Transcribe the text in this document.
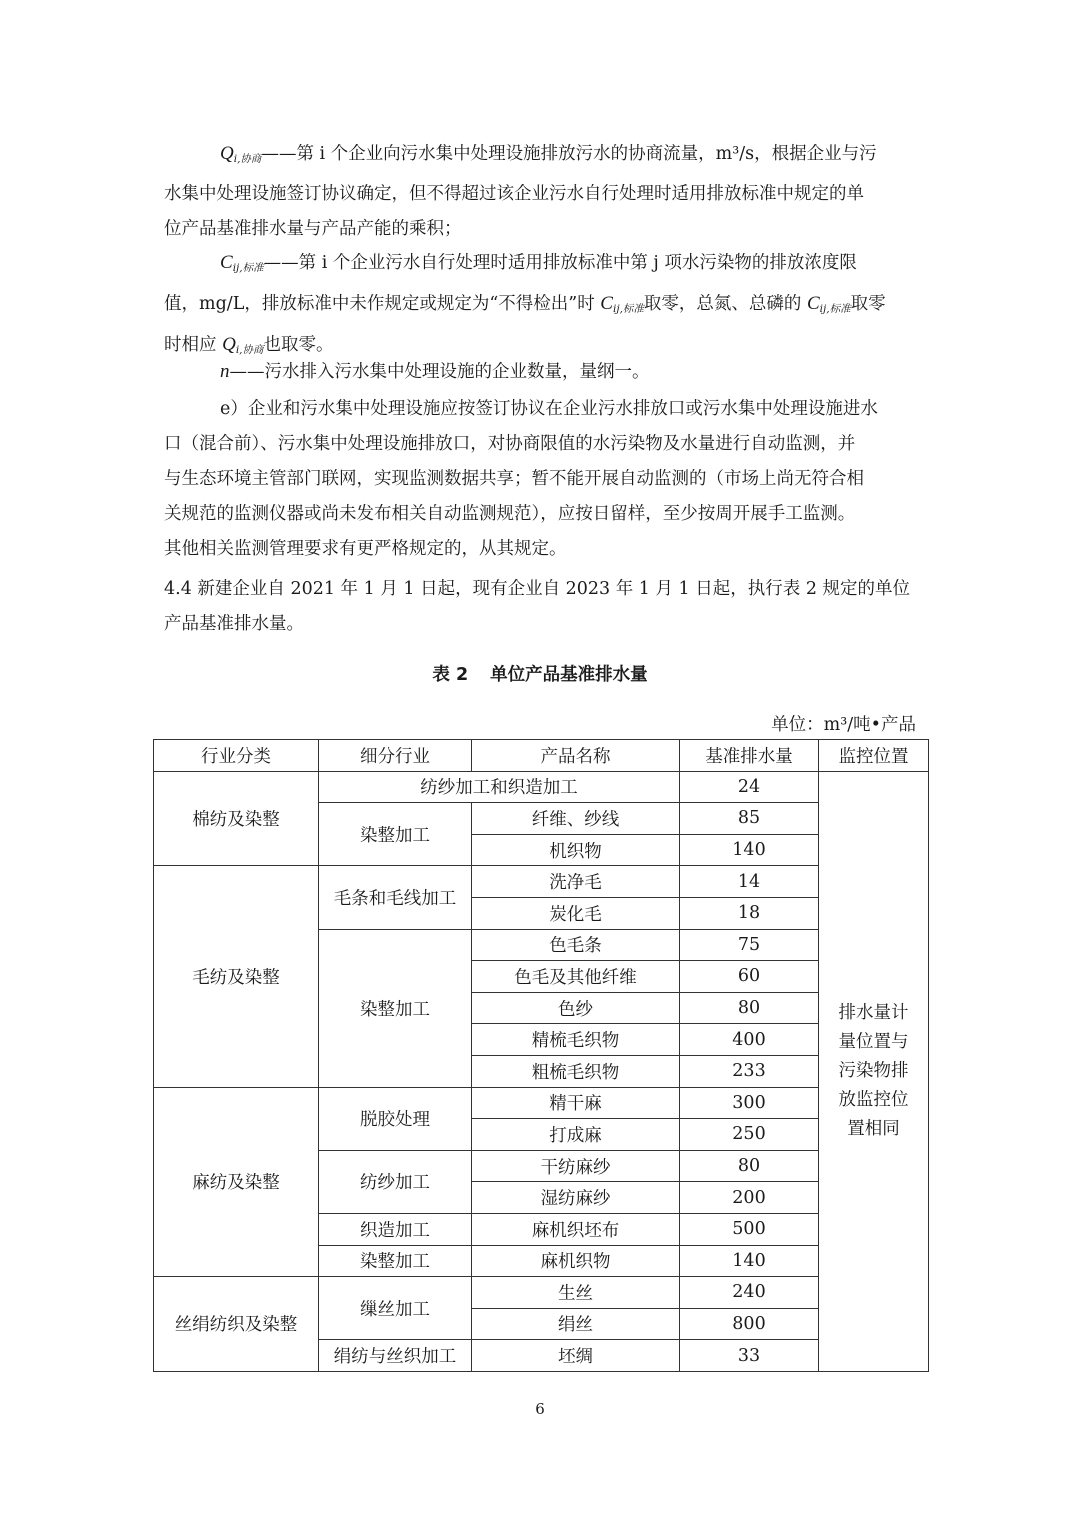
$Q_{i,协商}——$第 i 个企业向污水集中处理设施排放污水的协商流量，m³/s，根据企业与污
水集中处理设施签订协议确定，但不得超过该企业污水自行处理时适用排放标准中规定的单
位产品基准排水量与产品产能的乘积；
$C_{ij,标准}——$第 i 个企业污水自行处理时适用排放标准中第 j 项水污染物的排放浓度限
值，mg/L，排放标准中未作规定或规定为“不得检出”时 $C_{ij,标准}$取零，总氮、总磷的 $C_{ij,标准}$取零
时相应 $Q_{i,协商}$也取零。
n——污水排入污水集中处理设施的企业数量，量纲一。
e）企业和污水集中处理设施应按签订协议在企业污水排放口或污水集中处理设施进水
口（混合前）、污水集中处理设施排放口，对协商限值的水污染物及水量进行自动监测，并
与生态环境主管部门联网，实现监测数据共享；暂不能开展自动监测的（市场上尚无符合相
关规范的监测仪器或尚未发布相关自动监测规范），应按日留样，至少按周开展手工监测。
其他相关监测管理要求有更严格规定的，从其规定。
4.4 新建企业自 2021 年 1 月 1 日起，现有企业自 2023 年 1 月 1 日起，执行表 2 规定的单位
产品基准排水量。
表 2 单位产品基准排水量
单位：m³/吨•产品
行业分类	细分行业	产品名称	基准排水量	监控位置
棉纺及染整	纺纱加工和织造加工		24	排水量计
量位置与
污染物排
放监控位
置相同

	染整加工	纤维、纱线	85	
		机织物	140	
毛纺及染整	毛条和毛线加工	洗净毛	14	
		炭化毛	18	
	染整加工	色毛条	75	
		色毛及其他纤维	60	
		色纱	80	
		精梳毛织物	400	
		粗梳毛织物	233	
麻纺及染整	脱胶处理	精干麻	300	
		打成麻	250	
	纺纱加工	干纺麻纱	80	
		湿纺麻纱	200	
	织造加工	麻机织坯布	500	
	染整加工	麻机织物	140	
丝绢纺织及染整	缫丝加工	生丝	240	
		绢丝	800	
	绢纺与丝织加工	坯绸	33	
6
